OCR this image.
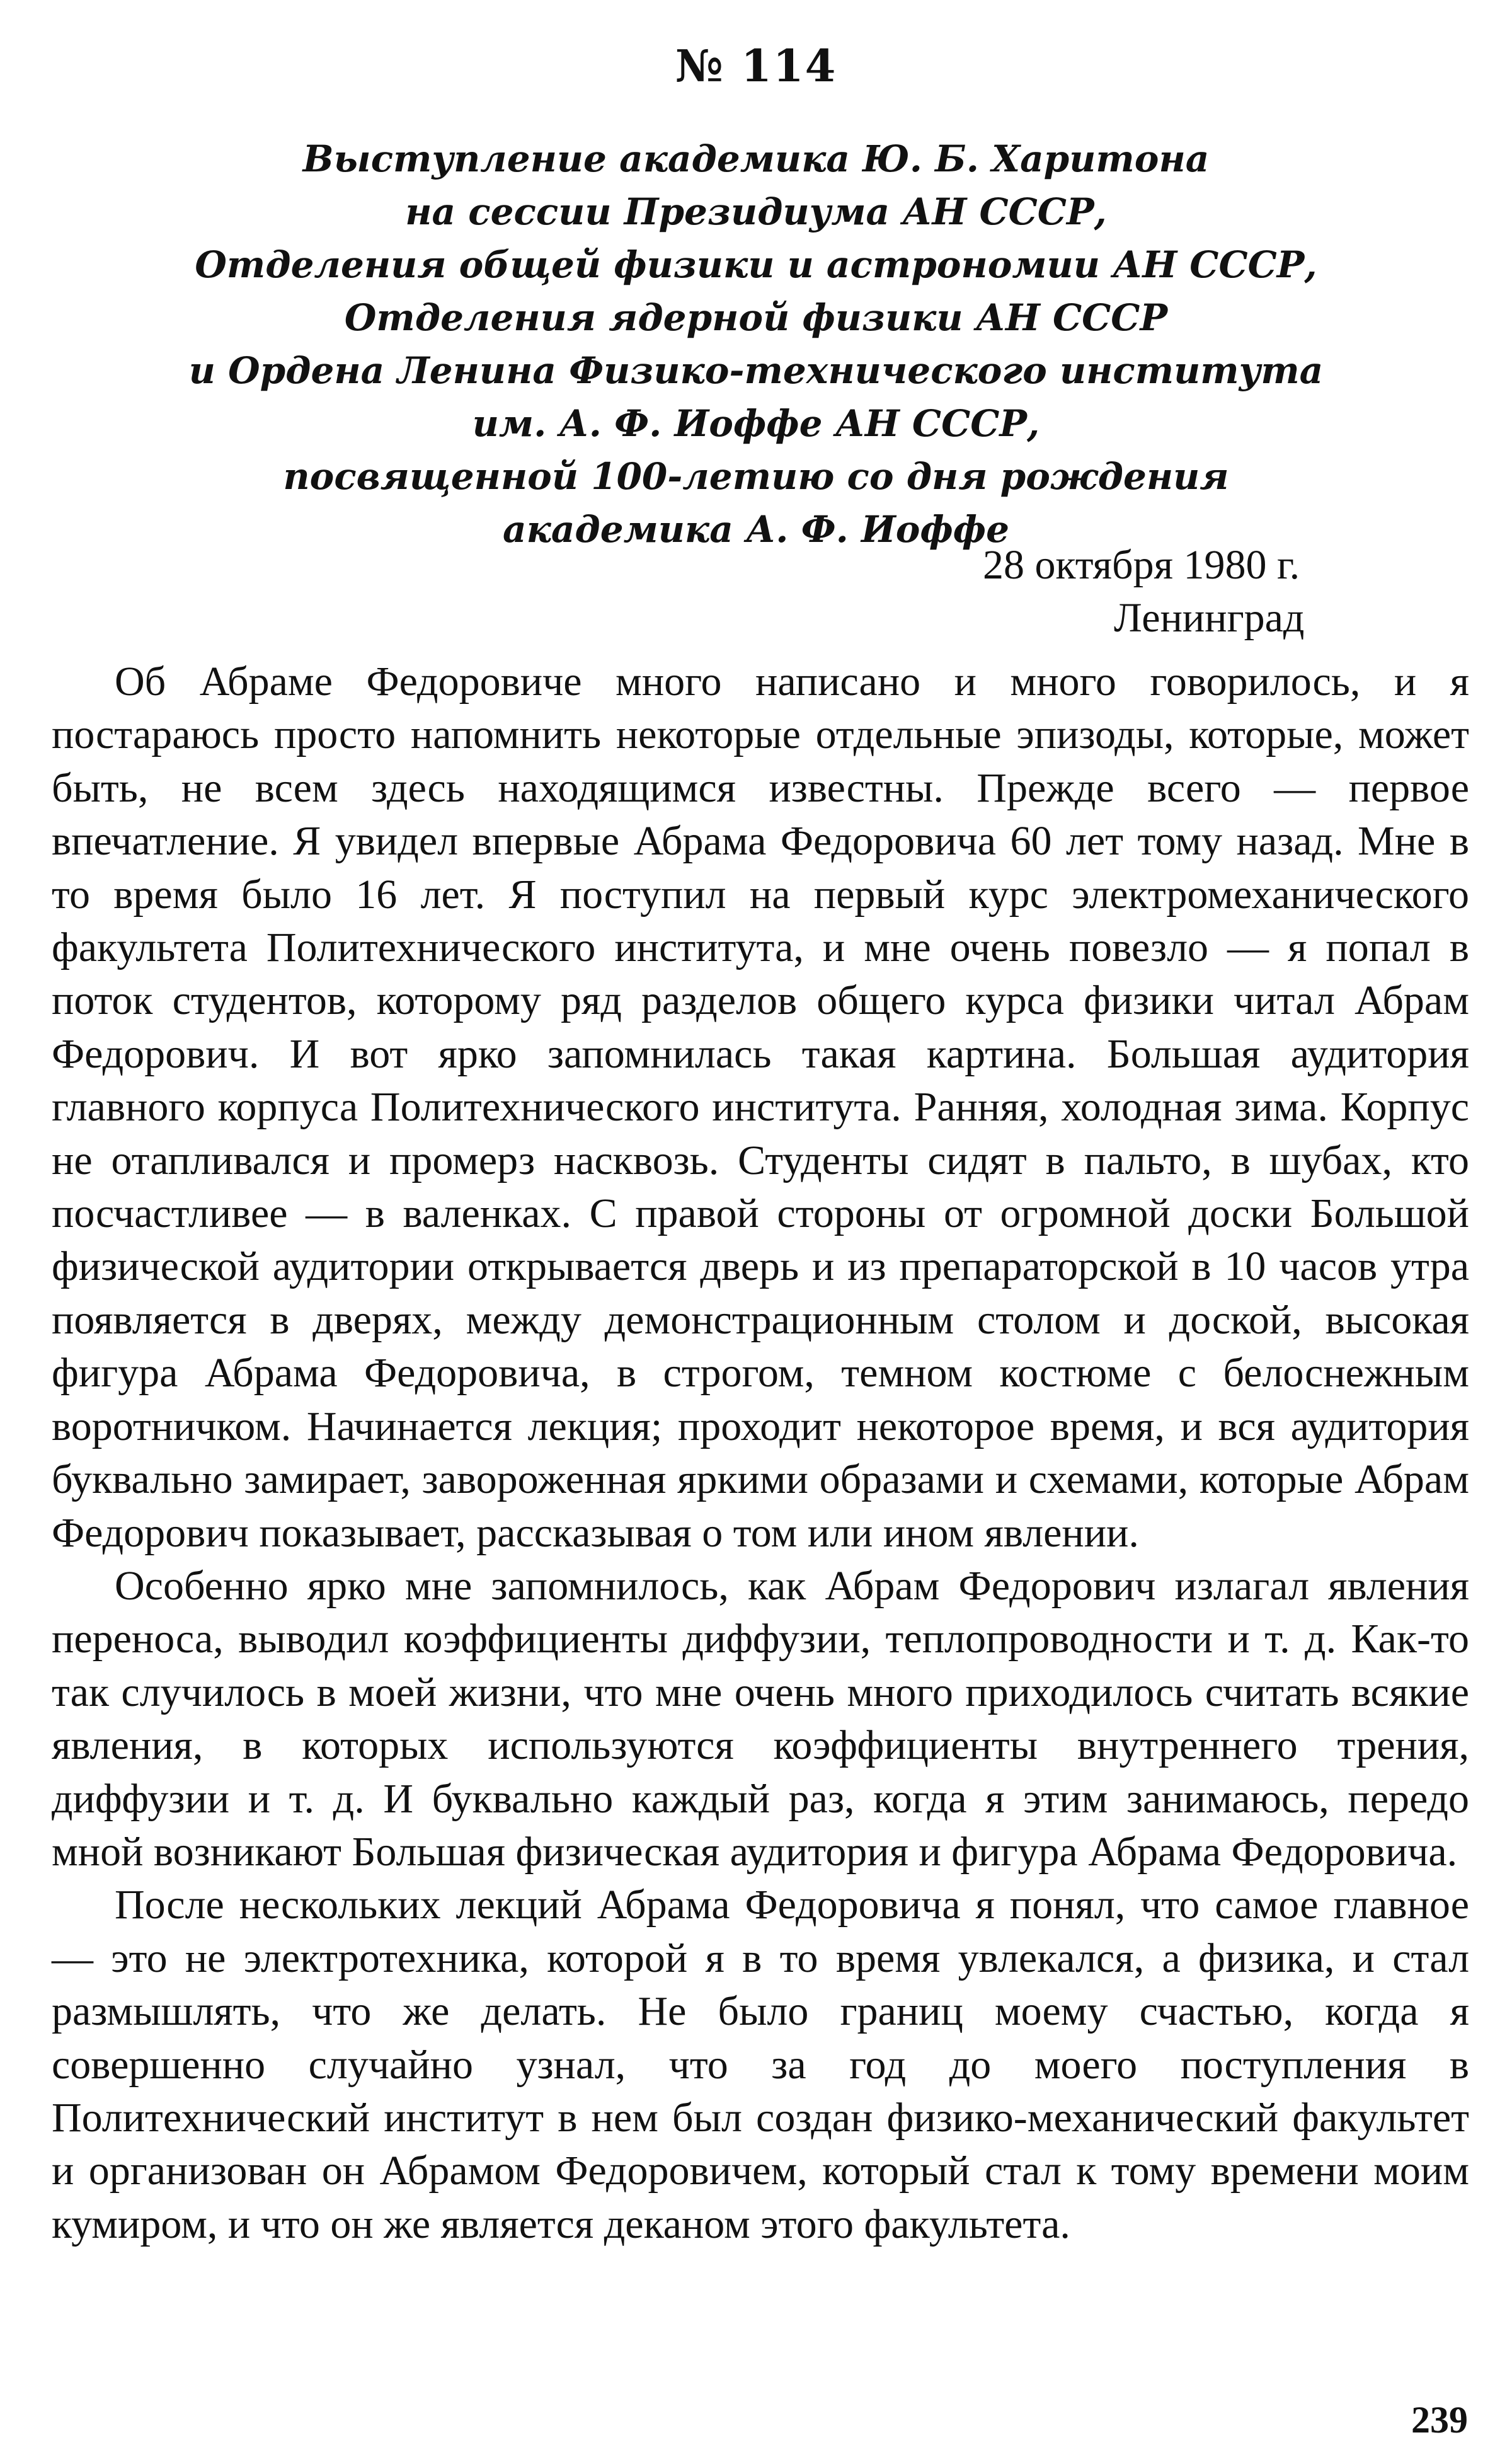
№ 114
Выступление академика Ю. Б. Харитона
на сессии Президиума АН СССР,
Отделения общей физики и астрономии АН СССР,
Отделения ядерной физики АН СССР
и Ордена Ленина Физико-технического института
им. А. Ф. Иоффе АН СССР,
посвященной 100-летию со дня рождения
академика А. Ф. Иоффе
28 октября 1980 г.
Ленинград

Об Абраме Федоровиче много написано и много говорилось, и я постараюсь просто напомнить некоторые отдельные эпизоды, которые, может быть, не всем здесь находящимся известны. Прежде всего — первое впечатление. Я увидел впервые Абрама Федоровича 60 лет тому назад. Мне в то время было 16 лет. Я поступил на первый курс электромеханического факультета Политехнического института, и мне очень повезло — я попал в поток студентов, которому ряд разделов общего курса физики читал Абрам Федорович. И вот ярко запомнилась такая картина. Большая аудитория главного корпуса Политехнического института. Ранняя, холодная зима. Корпус не отапливался и промерз насквозь. Студенты сидят в пальто, в шубах, кто посчастливее — в валенках. С правой стороны от огромной доски Большой физической аудитории открывается дверь и из препараторской в 10 часов утра появляется в дверях, между демонстрационным столом и доской, высокая фигура Абрама Федоровича, в строгом, темном костюме с белоснежным воротничком. Начинается лекция; проходит некоторое время, и вся аудитория буквально замирает, завороженная яркими образами и схемами, которые Абрам Федорович показывает, рассказывая о том или ином явлении.

Особенно ярко мне запомнилось, как Абрам Федорович излагал явления переноса, выводил коэффициенты диффузии, теплопроводности и т. д. Как-то так случилось в моей жизни, что мне очень много приходилось считать всякие явления, в которых используются коэффициенты внутреннего трения, диффузии и т. д. И буквально каждый раз, когда я этим занимаюсь, передо мной возникают Большая физическая аудитория и фигура Абрама Федоровича.

После нескольких лекций Абрама Федоровича я понял, что самое главное — это не электротехника, которой я в то время увлекался, а физика, и стал размышлять, что же делать. Не было границ моему счастью, когда я совершенно случайно узнал, что за год до моего поступления в Политехнический институт в нем был создан физико-механический факультет и организован он Абрамом Федоровичем, который стал к тому времени моим кумиром, и что он же является деканом этого факультета.

239
